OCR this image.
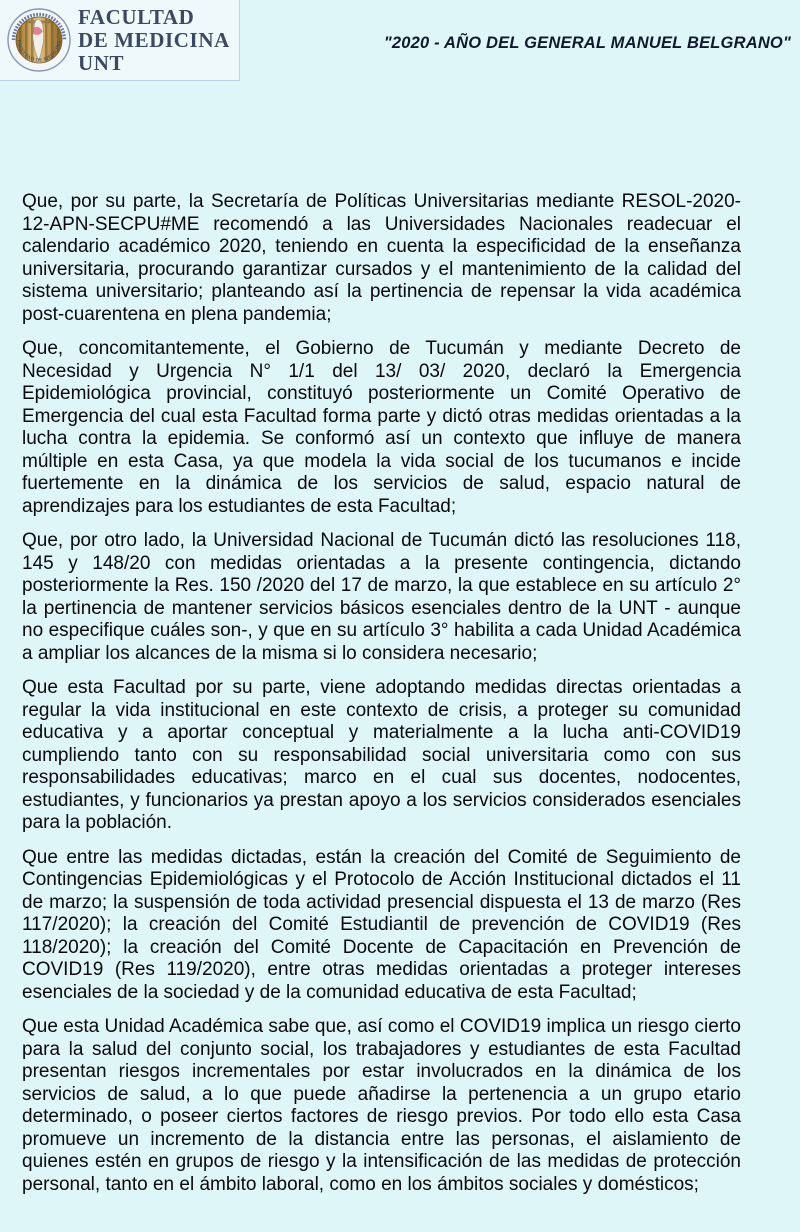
FACULTAD DE MEDICINA
FACULTAD
DE MEDICINA
UNT
"2020 - AÑO DEL GENERAL MANUEL BELGRANO"

Que, por su parte, la Secretaría de Políticas Universitarias mediante RESOL-2020-12-APN-SECPU#ME recomendó a las Universidades Nacionales readecuar el calendario académico 2020, teniendo en cuenta la especificidad de la enseñanza universitaria, procurando garantizar cursados y el mantenimiento de la calidad del sistema universitario; planteando así la pertinencia de repensar la vida académica post-cuarentena en plena pandemia;

Que, concomitantemente, el Gobierno de Tucumán y mediante Decreto de Necesidad y Urgencia N° 1/1 del 13/ 03/ 2020, declaró la Emergencia Epidemiológica provincial, constituyó posteriormente un Comité Operativo de Emergencia del cual esta Facultad forma parte y dictó otras medidas orientadas a la lucha contra la epidemia. Se conformó así un contexto que influye de manera múltiple en esta Casa, ya que modela la vida social de los tucumanos e incide fuertemente en la dinámica de los servicios de salud, espacio natural de aprendizajes para los estudiantes de esta Facultad;

Que, por otro lado, la Universidad Nacional de Tucumán dictó las resoluciones 118, 145 y 148/20 con medidas orientadas a la presente contingencia, dictando posteriormente la Res. 150 /2020 del 17 de marzo, la que establece en su artículo 2° la pertinencia de mantener servicios básicos esenciales dentro de la UNT - aunque no especifique cuáles son-, y que en su artículo 3° habilita a cada Unidad Académica a ampliar los alcances de la misma si lo considera necesario;

Que esta Facultad por su parte, viene adoptando medidas directas orientadas a regular la vida institucional en este contexto de crisis, a proteger su comunidad educativa y a aportar conceptual y materialmente a la lucha anti-COVID19 cumpliendo tanto con su responsabilidad social universitaria como con sus responsabilidades educativas; marco en el cual sus docentes, nodocentes, estudiantes, y funcionarios ya prestan apoyo a los servicios considerados esenciales para la población.

Que entre las medidas dictadas, están la creación del Comité de Seguimiento de Contingencias Epidemiológicas y el Protocolo de Acción Institucional dictados el 11 de marzo; la suspensión de toda actividad presencial dispuesta el 13 de marzo (Res 117/2020); la creación del Comité Estudiantil de prevención de COVID19 (Res 118/2020); la creación del Comité Docente de Capacitación en Prevención de COVID19 (Res 119/2020), entre otras medidas orientadas a proteger intereses esenciales de la sociedad y de la comunidad educativa de esta Facultad;

Que esta Unidad Académica sabe que, así como el COVID19 implica un riesgo cierto para la salud del conjunto social, los trabajadores y estudiantes de esta Facultad presentan riesgos incrementales por estar involucrados en la dinámica de los servicios de salud, a lo que puede añadirse la pertenencia a un grupo etario determinado, o poseer ciertos factores de riesgo previos. Por todo ello esta Casa promueve un incremento de la distancia entre las personas, el aislamiento de quienes estén en grupos de riesgo y la intensificación de las medidas de protección personal, tanto en el ámbito laboral, como en los ámbitos sociales y domésticos;
